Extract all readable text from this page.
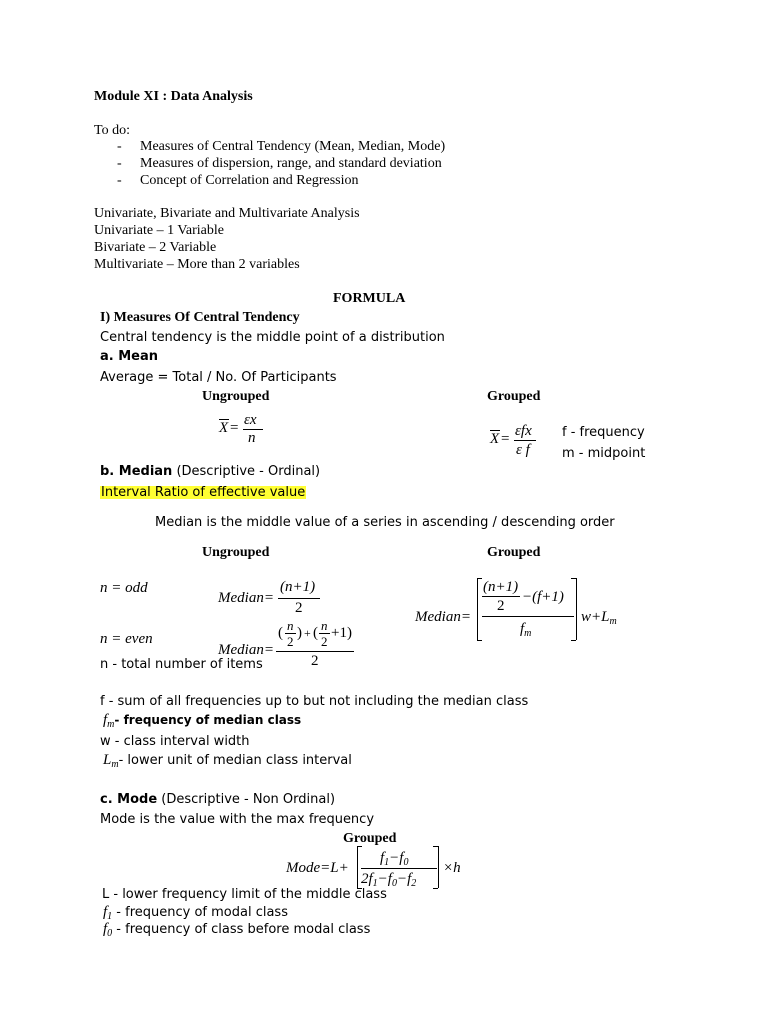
Module XI : Data Analysis
To do:
- Measures of Central Tendency (Mean, Median, Mode)
- Measures of dispersion, range, and standard deviation
- Concept of Correlation and Regression
Univariate, Bivariate and Multivariate Analysis
Univariate – 1 Variable
Bivariate – 2 Variable
Multivariate – More than 2 variables
FORMULA
I) Measures Of Central Tendency
Central tendency is the middle point of a distribution
a. Mean
Average = Total / No. Of Participants
Ungrouped	Grouped
X = εx
n	X = εfx
ε f
f - frequency
m - midpoint
b. Median (Descriptive - Ordinal)
Interval Ratio of effective value
Median is the middle value of a series in ascending / descending order
Ungrouped	Grouped
n = odd
n = even
Median=
(n+1)
2
Median=
( n
2
) + ( n
2
+1)
2
Median=
(n+1)
2
−(f+1)
$f_m$
$w+L_m$
n - total number of items
f - sum of all frequencies up to but not including the median class
$f_m-$ frequency of median class
w - class interval width
$L_m-$ lower unit of median class interval
c. Mode (Descriptive - Non Ordinal)
Mode is the value with the max frequency
Grouped
Mode=L+
$f_1-f_0$
$2f_1-f_0-f_2$
×h
L - lower frequency limit of the middle class
$f_1$ - frequency of modal class
$f_0$ - frequency of class before modal class
